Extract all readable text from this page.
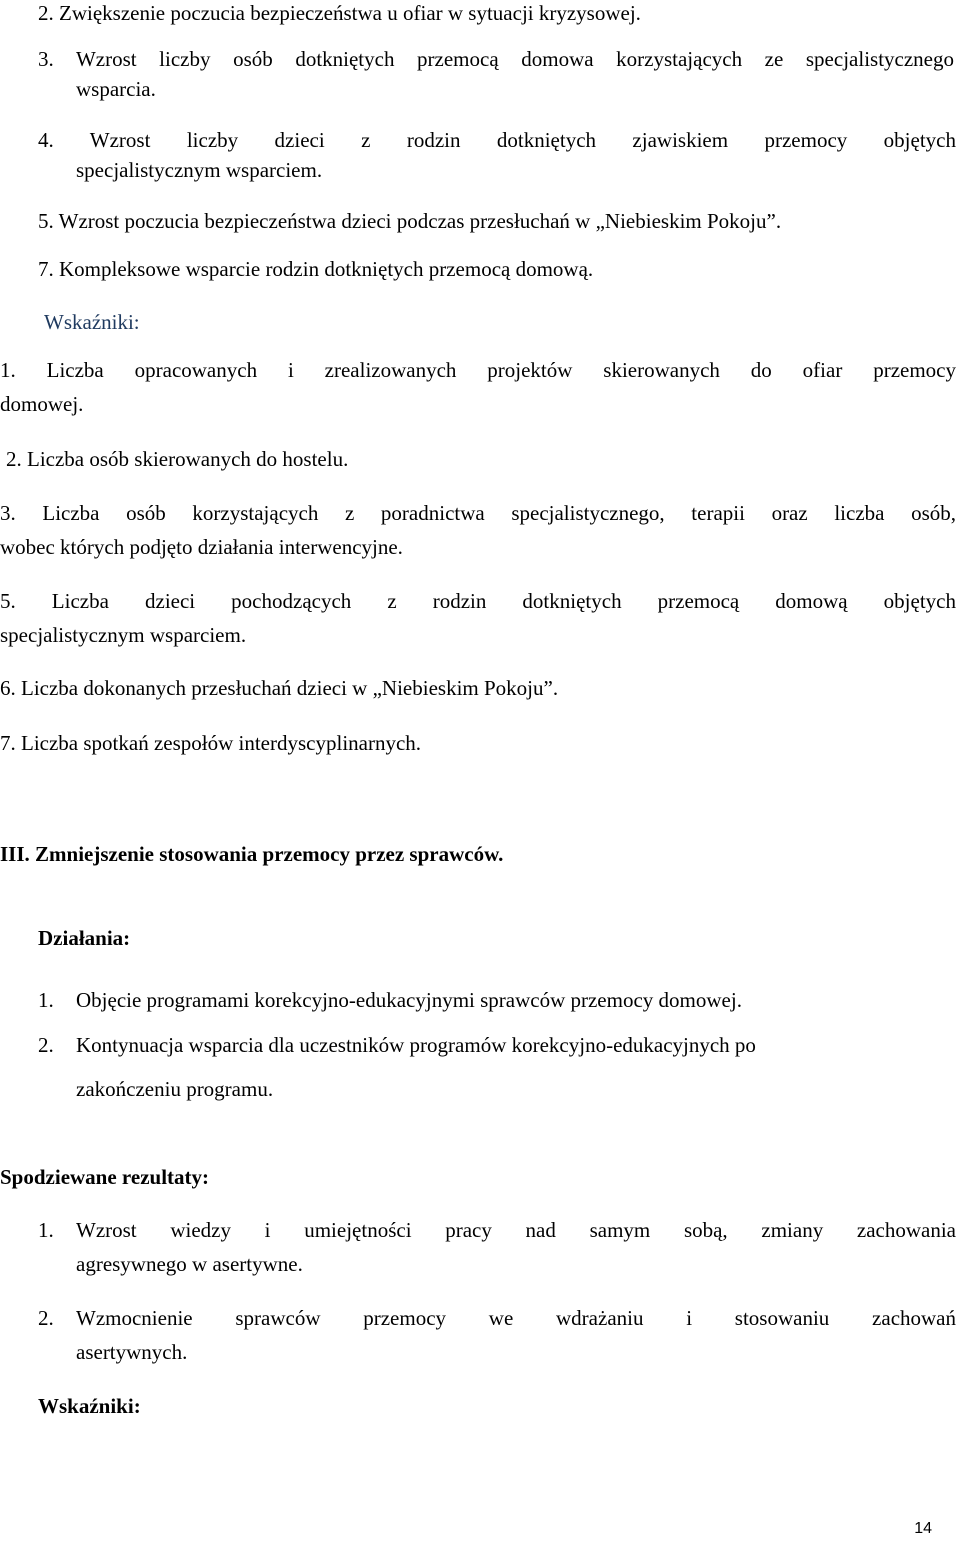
2. Zwiększenie poczucia bezpieczeństwa u ofiar w sytuacji kryzysowej.
3. Wzrost liczby osób dotkniętych przemocą domowa korzystających ze specjalistycznego
wsparcia.
4. Wzrost liczby dzieci z rodzin dotkniętych zjawiskiem przemocy objętych
specjalistycznym wsparciem.
5. Wzrost poczucia bezpieczeństwa dzieci podczas przesłuchań w „Niebieskim Pokoju”.
7. Kompleksowe wsparcie rodzin dotkniętych przemocą domową.
Wskaźniki:
1. Liczba opracowanych i zrealizowanych projektów skierowanych do ofiar przemocy
domowej.
2. Liczba osób skierowanych do hostelu.
3. Liczba osób korzystających z poradnictwa specjalistycznego, terapii oraz liczba osób,
wobec których podjęto działania interwencyjne.
5. Liczba dzieci pochodzących z rodzin dotkniętych przemocą domową objętych
specjalistycznym wsparciem.
6. Liczba dokonanych przesłuchań dzieci w „Niebieskim Pokoju”.
7. Liczba spotkań zespołów interdyscyplinarnych.
III. Zmniejszenie stosowania przemocy przez sprawców.
Działania:
1. Objęcie programami korekcyjno-edukacyjnymi sprawców przemocy domowej.
2. Kontynuacja wsparcia dla uczestników programów korekcyjno-edukacyjnych po
zakończeniu programu.
Spodziewane rezultaty:
1. Wzrost wiedzy i umiejętności pracy nad samym sobą, zmiany zachowania
agresywnego w asertywne.
2. Wzmocnienie sprawców przemocy we wdrażaniu i stosowaniu zachowań
asertywnych.
Wskaźniki:
14
